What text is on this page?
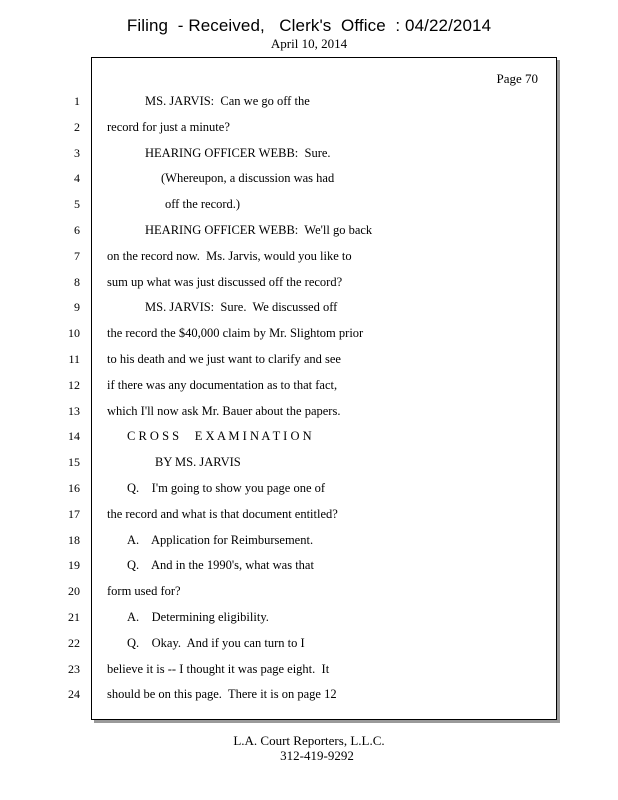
Filing  - Received,   Clerk's  Office  : 04/22/2014
April 10, 2014
Page 70
1	MS. JARVIS:  Can we go off the
2 record for just a minute?
3	HEARING OFFICER WEBB:  Sure.
4	(Whereupon, a discussion was had
5	off the record.)
6	HEARING OFFICER WEBB:  We'll go back
7 on the record now.  Ms. Jarvis, would you like to
8 sum up what was just discussed off the record?
9	MS. JARVIS:  Sure.  We discussed off
10 the record the $40,000 claim by Mr. Slightom prior
11 to his death and we just want to clarify and see
12 if there was any documentation as to that fact,
13 which I'll now ask Mr. Bauer about the papers.
14	C R O S S     E X A M I N A T I O N
15	BY MS. JARVIS
16	Q.    I'm going to show you page one of
17 the record and what is that document entitled?
18	A.    Application for Reimbursement.
19	Q.    And in the 1990's, what was that
20 form used for?
21	A.    Determining eligibility.
22	Q.    Okay.  And if you can turn to I
23 believe it is -- I thought it was page eight.  It
24 should be on this page.  There it is on page 12
L.A. Court Reporters, L.L.C.
312-419-9292
